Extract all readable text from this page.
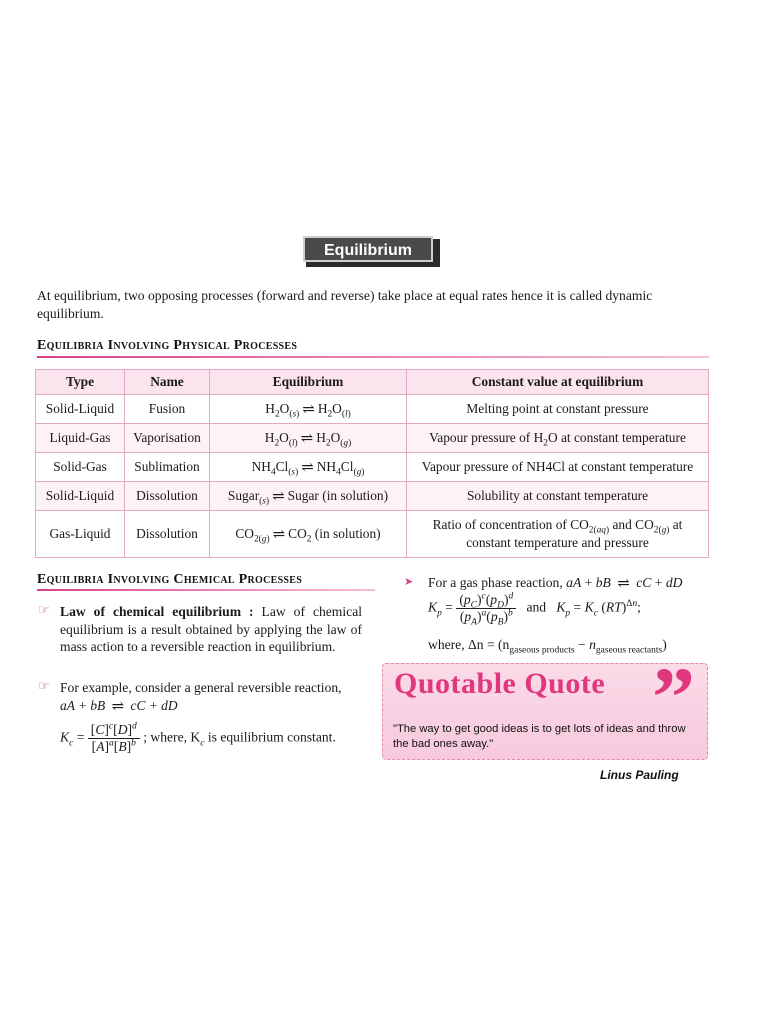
Equilibrium
At equilibrium, two opposing processes (forward and reverse) take place at equal rates hence it is called dynamic equilibrium.
Equilibria Involving Physical Processes
Type	Name	Equilibrium	Constant value at equilibrium
Solid-Liquid	Fusion	$H_2O_{(s)}$ ⇌ $H_2O_{(l)}$	Melting point at constant pressure
Liquid-Gas	Vaporisation	$H_2O_{(l)}$ ⇌ $H_2O_{(g)}$	Vapour pressure of $H_2O$ at constant temperature
Solid-Gas	Sublimation	$NH_4Cl_{(s)}$ ⇌ $NH_4Cl_{(g)}$	Vapour pressure of NH4Cl at constant temperature
Solid-Liquid	Dissolution	Sugar$_{(s)}$ ⇌ Sugar (in solution)	Solubility at constant temperature
Gas-Liquid	Dissolution	$CO_{2(g)}$ ⇌ $CO_2$ (in solution)	Ratio of concentration of $CO_{2(aq)}$ and $CO_{2(g)}$ at
constant temperature and pressure
Equilibria Involving Chemical Processes
☞ Law of chemical equilibrium : Law of chemical equilibrium is a result obtained by applying the law of mass action to a reversible reaction in equilibrium.
☞ For example, consider a general reversible reaction,
aA + bB ⇌ cC + dD
$K_c = \frac{[C]^c[D]^d}{[A]^a[B]^b}$ ; where, $K_c$ is equilibrium constant.
➤ For a gas phase reaction, aA + bB ⇌ cC + dD
$K_p = \frac{(p_C)^c(p_D)^d}{(p_A)^a(p_B)^b}$ and $K_p = K_c$ (RT)$^{\Delta n}$;
where, $\Delta n = (n_{gaseous products} - n_{gaseous reactants})$
Quotable Quote ”
"The way to get good ideas is to get lots of ideas and throw the bad ones away."
Linus Pauling
